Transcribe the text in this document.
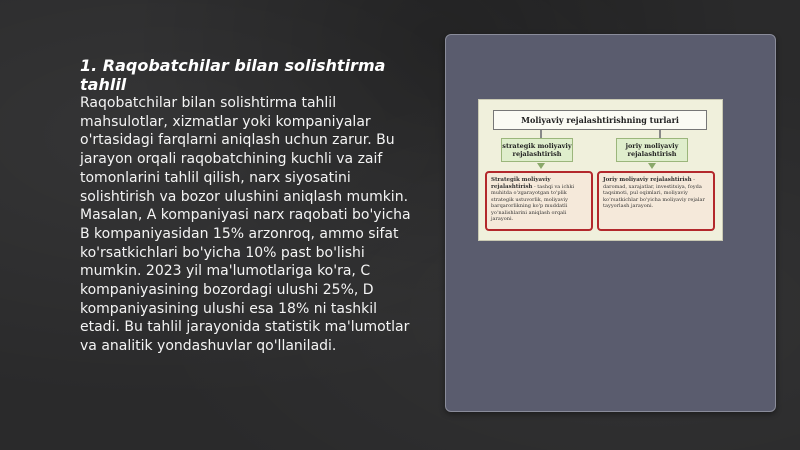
1. Raqobatchilar bilan solishtirma tahlil

Raqobatchilar bilan solishtirma tahlil mahsulotlar, xizmatlar yoki kompaniyalar o'rtasidagi farqlarni aniqlash uchun zarur. Bu jarayon orqali raqobatchining kuchli va zaif tomonlarini tahlil qilish, narx siyosatini solishtirish va bozor ulushini aniqlash mumkin. Masalan, A kompaniyasi narx raqobati bo'yicha B kompaniyasidan 15% arzonroq, ammo sifat ko'rsatkichlari bo'yicha 10% past bo'lishi mumkin. 2023 yil ma'lumotlariga ko'ra, C kompaniyasining bozordagi ulushi 25%, D kompaniyasining ulushi esa 18% ni tashkil etadi. Bu tahlil jarayonida statistik ma'lumotlar va analitik yondashuvlar qo'llaniladi.

Moliyaviy rejalashtirishning turlari
strategik moliyaviy rejalashtirish
joriy moliyaviy rejalashtirish
Strategik moliyaviy rejalashtirish - tashqi va ichki muhitda o'zgarayotgan to'plik strategik ustuvorlik, moliyaviy barqarorlikning ko'p muddatli yoʻnalishlarini aniqlash orqali jarayoni.
Joriy moliyaviy rejalashtirish - daromad, xarajatlar, investitsiya, foyda taqsimoti, pul oqimlari, moliyaviy koʻrsatkichlar bo'yicha moliyaviy rejalar tayyorlash jarayoni.
